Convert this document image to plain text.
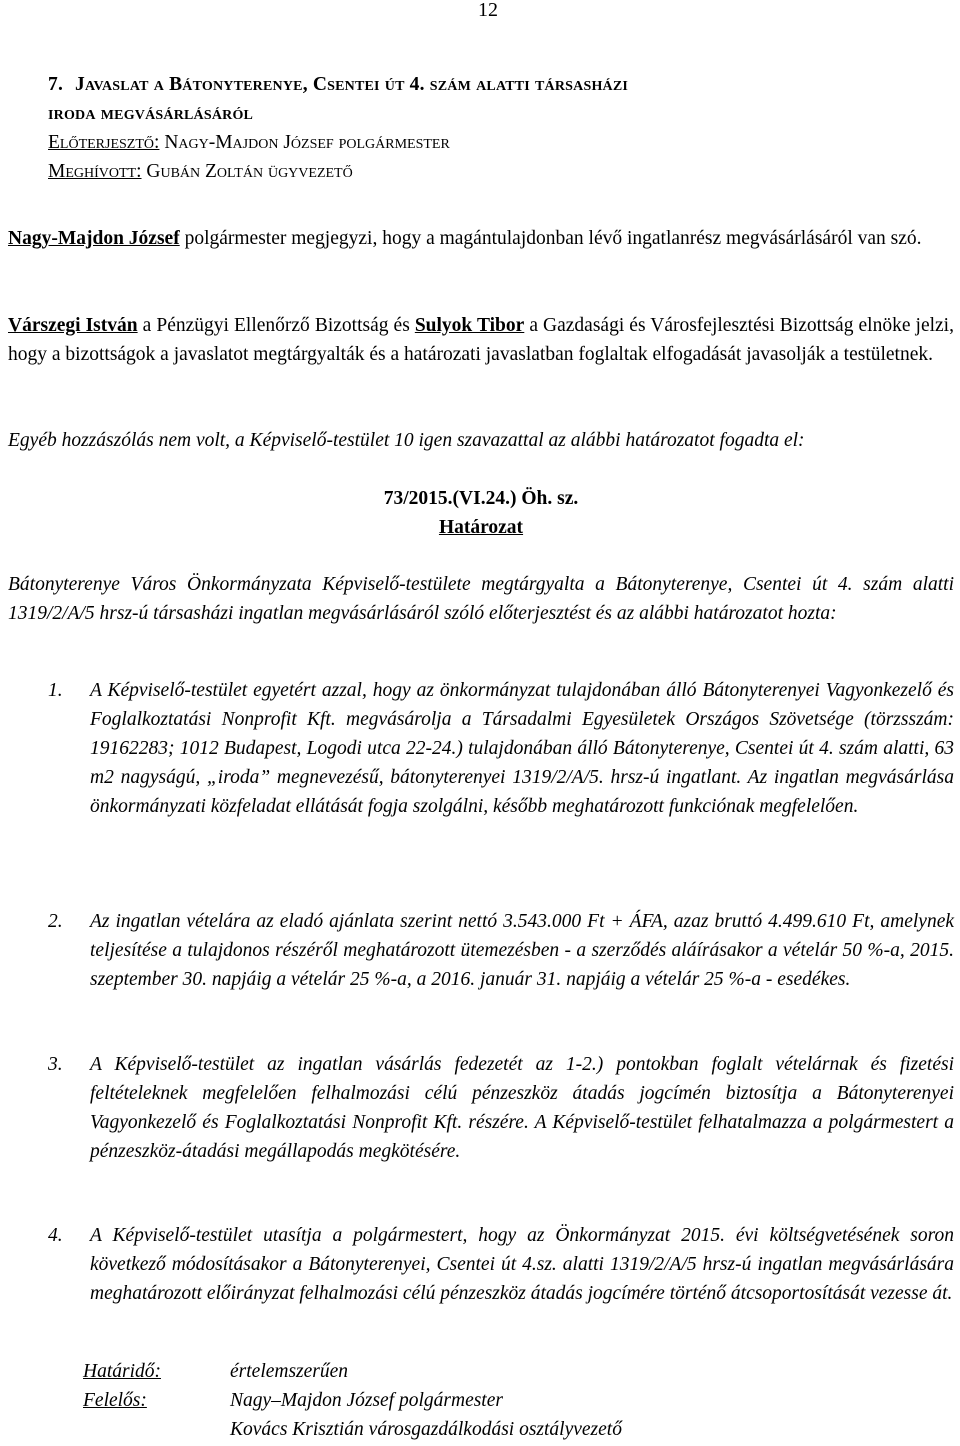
12
7. Javaslat a Bátonyterenye, Csentei út 4. szám alatti társasházi
iroda megvásárlásáról
Előterjesztő: Nagy-Majdon József polgármester
Meghívott: Gubán Zoltán ügyvezető
Nagy-Majdon József polgármester megjegyzi, hogy a magántulajdonban lévő ingatlanrész megvásárlásáról van szó.
Várszegi István a Pénzügyi Ellenőrző Bizottság és Sulyok Tibor a Gazdasági és Városfejlesztési Bizottság elnöke jelzi, hogy a bizottságok a javaslatot megtárgyalták és a határozati javaslatban foglaltak elfogadását javasolják a testületnek.
Egyéb hozzászólás nem volt, a Képviselő-testület 10 igen szavazattal az alábbi határozatot fogadta el:
73/2015.(VI.24.) Öh. sz.
Határozat
Bátonyterenye Város Önkormányzata Képviselő-testülete megtárgyalta a Bátonyterenye, Csentei út 4. szám alatti 1319/2/A/5 hrsz-ú társasházi ingatlan megvásárlásáról szóló előterjesztést és az alábbi határozatot hozta:
1. A Képviselő-testület egyetért azzal, hogy az önkormányzat tulajdonában álló Bátonyterenyei Vagyonkezelő és Foglalkoztatási Nonprofit Kft. megvásárolja a Társadalmi Egyesületek Országos Szövetsége (törzsszám: 19162283; 1012 Budapest, Logodi utca 22-24.) tulajdonában álló Bátonyterenye, Csentei út 4. szám alatti, 63 m2 nagyságú, „iroda” megnevezésű, bátonyterenyei 1319/2/A/5. hrsz-ú ingatlant. Az ingatlan megvásárlása önkormányzati közfeladat ellátását fogja szolgálni, később meghatározott funkciónak megfelelően.
2. Az ingatlan vételára az eladó ajánlata szerint nettó 3.543.000 Ft + ÁFA, azaz bruttó 4.499.610 Ft, amelynek teljesítése a tulajdonos részéről meghatározott ütemezésben - a szerződés aláírásakor a vételár 50 %-a, 2015. szeptember 30. napjáig a vételár 25 %-a, a 2016. január 31. napjáig a vételár 25 %-a - esedékes.
3. A Képviselő-testület az ingatlan vásárlás fedezetét az 1-2.) pontokban foglalt vételárnak és fizetési feltételeknek megfelelően felhalmozási célú pénzeszköz átadás jogcímén biztosítja a Bátonyterenyei Vagyonkezelő és Foglalkoztatási Nonprofit Kft. részére. A Képviselő-testület felhatalmazza a polgármestert a pénzeszköz-átadási megállapodás megkötésére.
4. A Képviselő-testület utasítja a polgármestert, hogy az Önkormányzat 2015. évi költségvetésének soron következő módosításakor a Bátonyterenyei, Csentei út 4.sz. alatti 1319/2/A/5 hrsz-ú ingatlan megvásárlására meghatározott előirányzat felhalmozási célú pénzeszköz átadás jogcímére történő átcsoportosítását vezesse át.
Határidő:	értelemszerűen
Felelős:	Nagy–Majdon József polgármester
Kovács Krisztián városgazdálkodási osztályvezető
